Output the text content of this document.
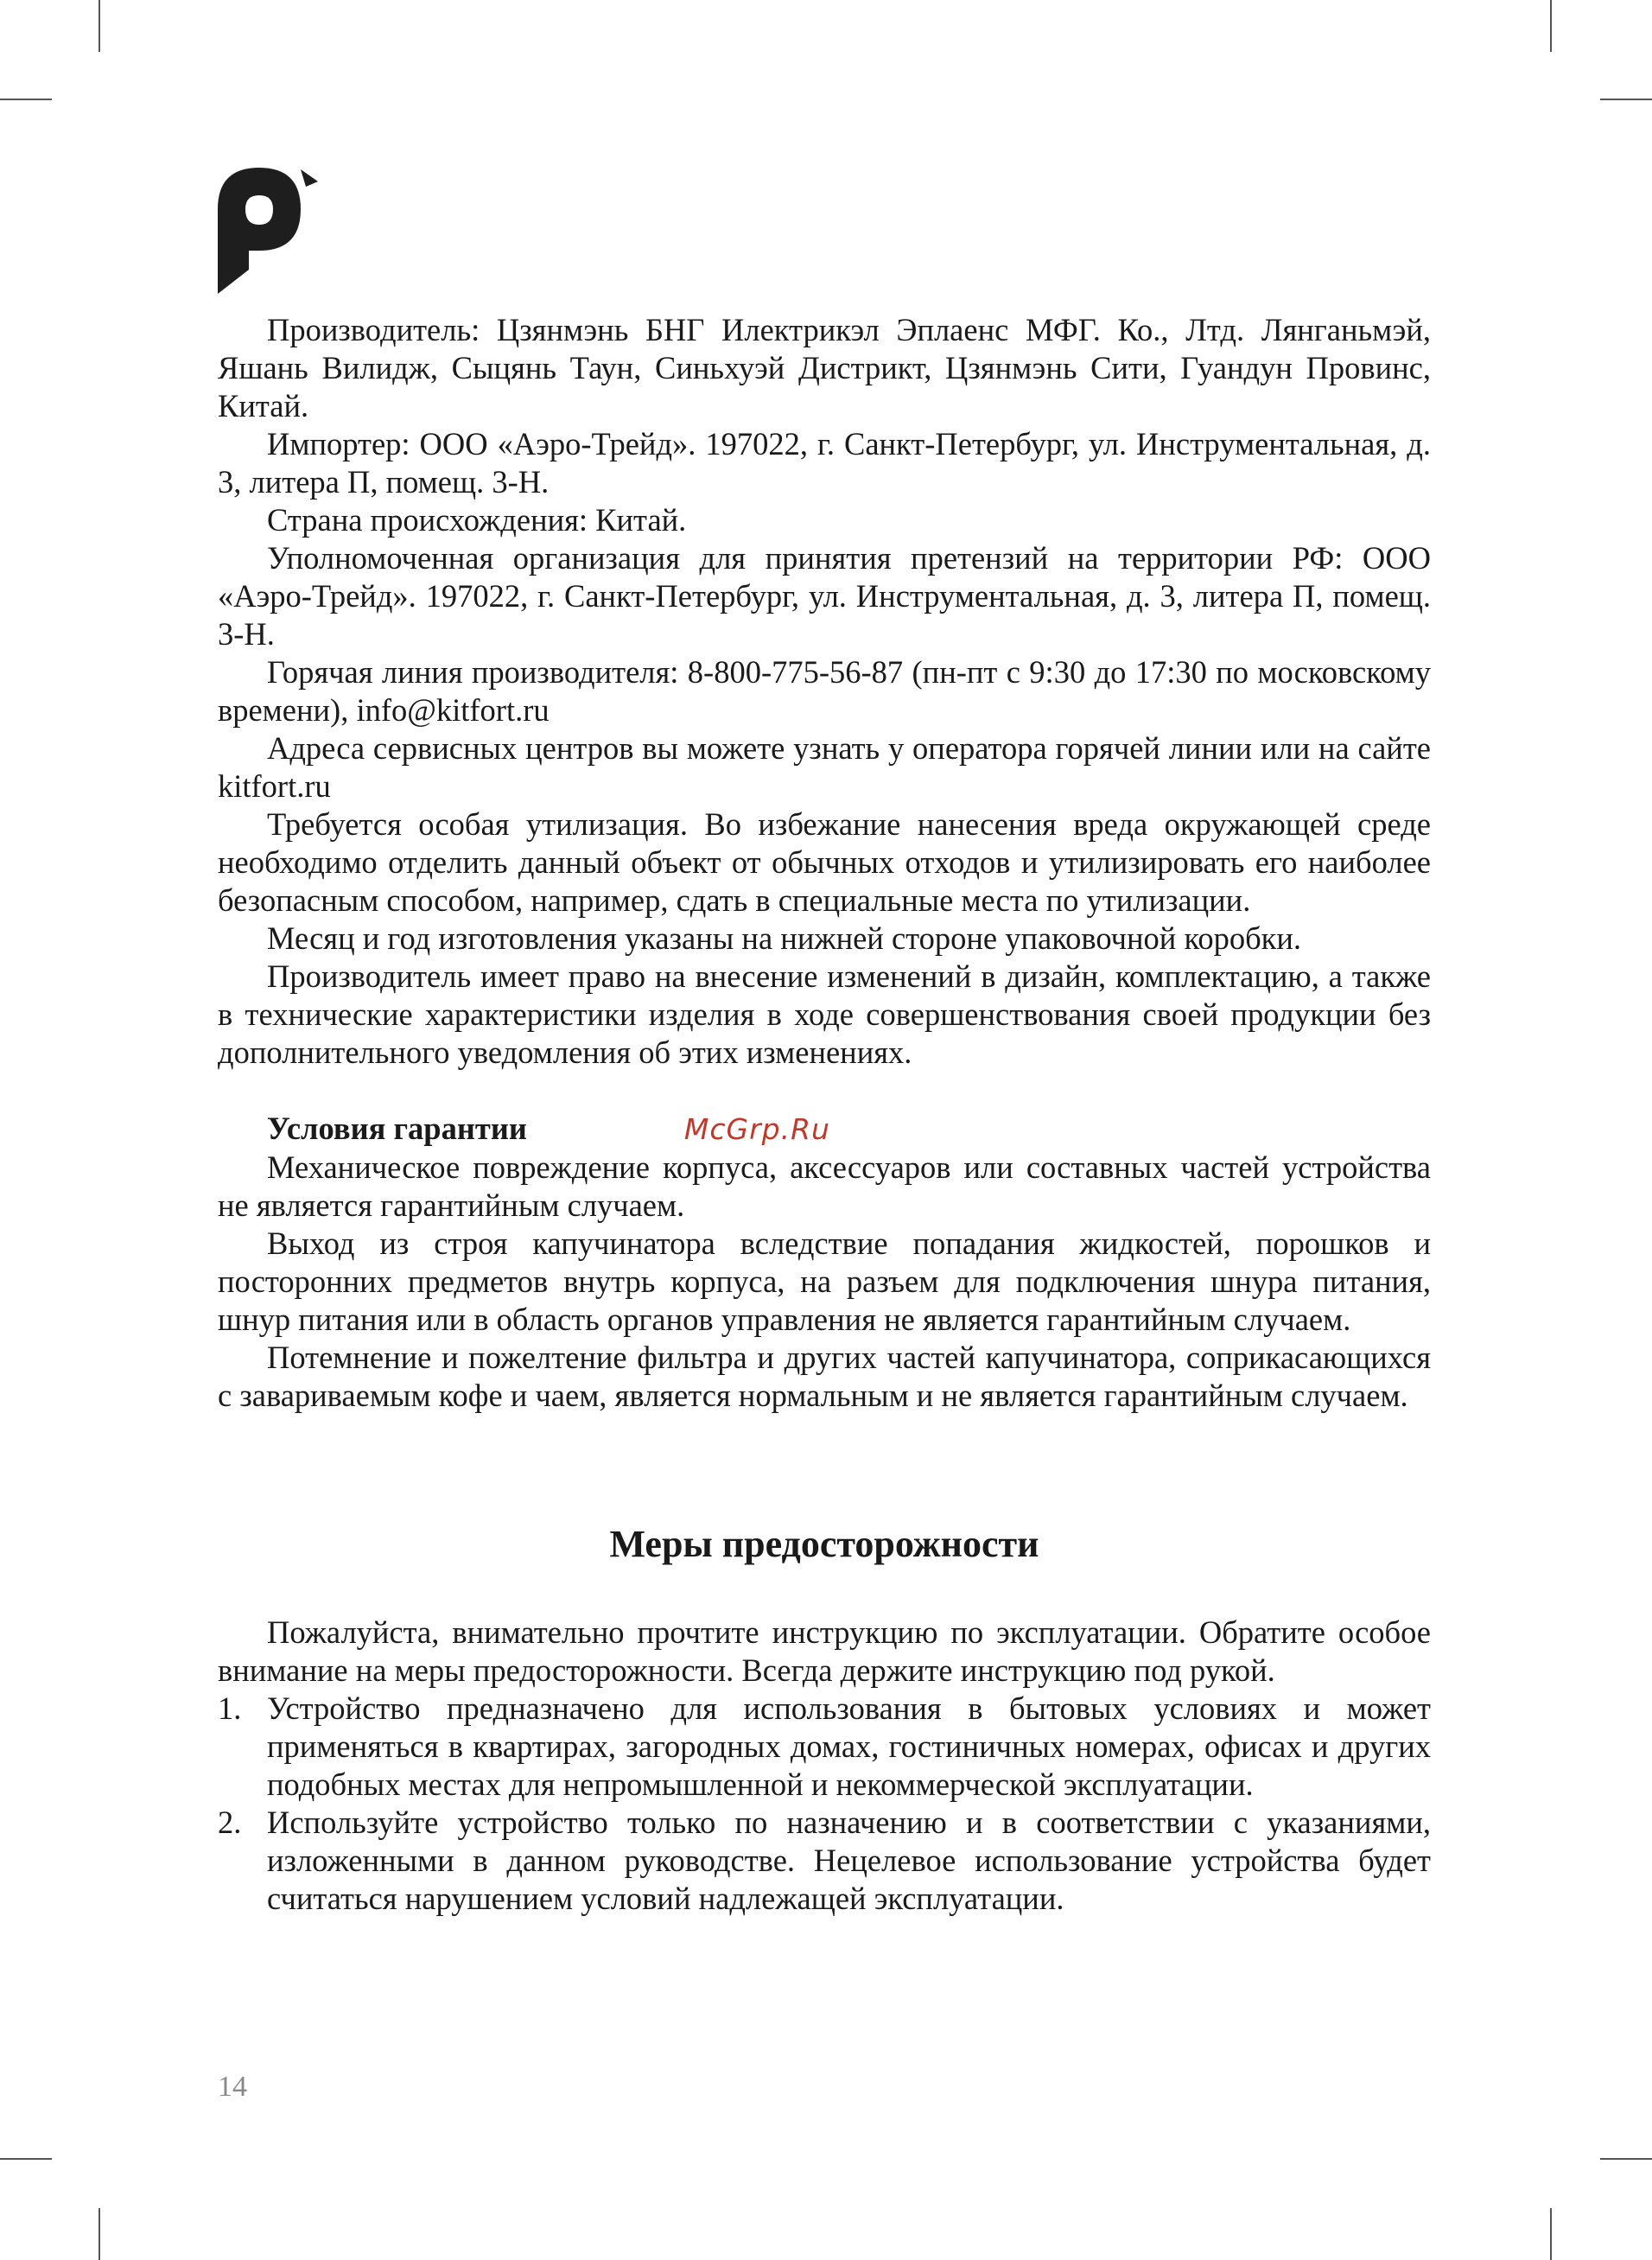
Производитель: Цзянмэнь БНГ Илектрикэл Эплаенс МФГ. Ко., Лтд. Лянганьмэй, Яшань Вилидж, Сыцянь Таун, Синьхуэй Дистрикт, Цзянмэнь Сити, Гуандун Провинс, Китай.

Импортер: ООО «Аэро-Трейд». 197022, г. Санкт-Петербург, ул. Инструментальная, д. 3, литера П, помещ. 3-Н.

Страна происхождения: Китай.

Уполномоченная организация для принятия претензий на территории РФ: ООО «Аэро-Трейд». 197022, г. Санкт-Петербург, ул. Инструментальная, д. 3, литера П, помещ. 3-Н.

Горячая линия производителя: 8-800-775-56-87 (пн-пт с 9:30 до 17:30 по московскому времени), info@kitfort.ru

Адреса сервисных центров вы можете узнать у оператора горячей линии или на сайте kitfort.ru

Требуется особая утилизация. Во избежание нанесения вреда окружающей среде необходимо отделить данный объект от обычных отходов и утилизировать его наиболее безопасным способом, например, сдать в специальные места по утилизации.

Месяц и год изготовления указаны на нижней стороне упаковочной коробки.

Производитель имеет право на внесение изменений в дизайн, комплектацию, а также в технические характеристики изделия в ходе совершенствования своей продукции без дополнительного уведомления об этих изменениях.

Условия гарантии	McGrp.Ru

Механическое повреждение корпуса, аксессуаров или составных частей устройства не является гарантийным случаем.

Выход из строя капучинатора вследствие попадания жидкостей, порошков и посторонних предметов внутрь корпуса, на разъем для подключения шнура питания, шнур питания или в область органов управления не является гарантийным случаем.

Потемнение и пожелтение фильтра и других частей капучинатора, соприкасающихся с завариваемым кофе и чаем, является нормальным и не является гарантийным случаем.

Меры предосторожности

Пожалуйста, внимательно прочтите инструкцию по эксплуатации. Обратите особое внимание на меры предосторожности. Всегда держите инструкцию под рукой.

1. Устройство предназначено для использования в бытовых условиях и может применяться в квартирах, загородных домах, гостиничных номерах, офисах и других подобных местах для непромышленной и некоммерческой эксплуатации.
2. Используйте устройство только по назначению и в соответствии с указаниями, изложенными в данном руководстве. Нецелевое использование устройства будет считаться нарушением условий надлежащей эксплуатации.
14
